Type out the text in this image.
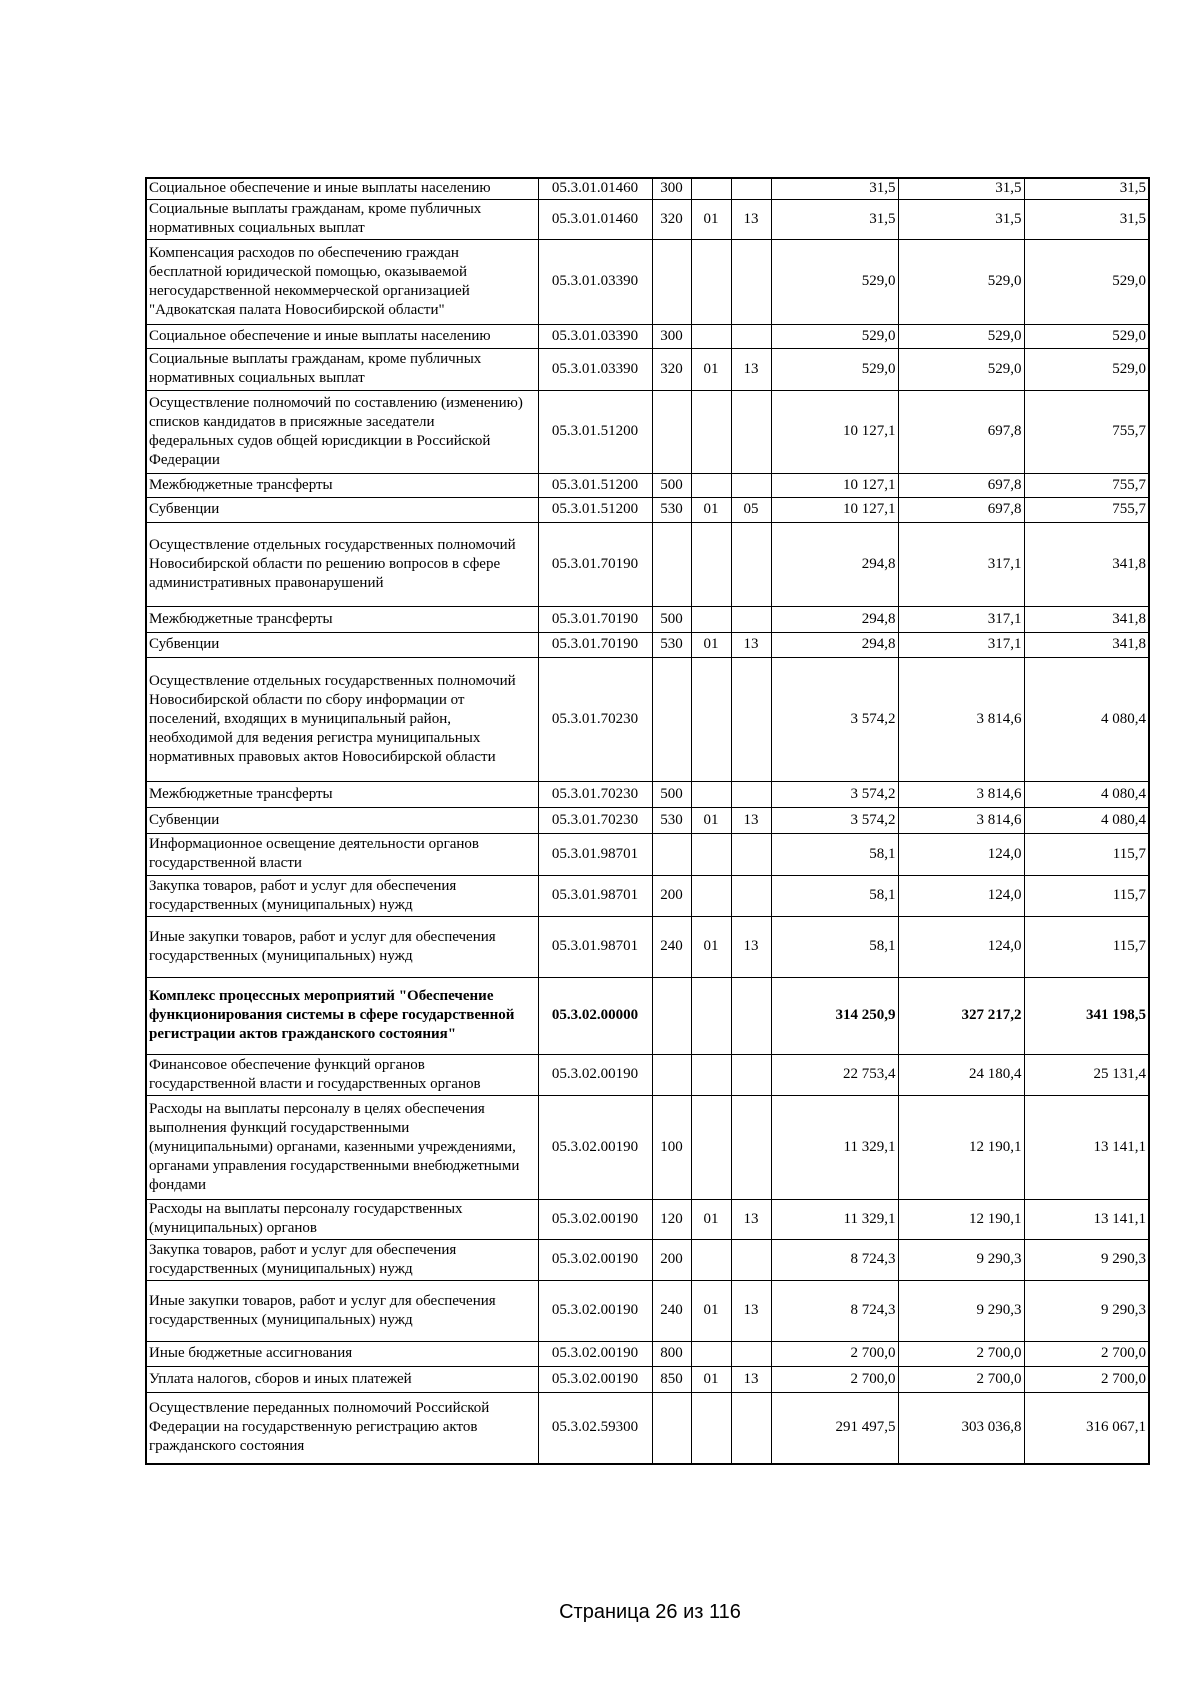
Социальное обеспечение и иные выплаты населению	05.3.01.01460	300			31,5	31,5	31,5
Социальные выплаты гражданам, кроме публичных
нормативных социальных выплат	05.3.01.01460	320	01	13	31,5	31,5	31,5
Компенсация расходов по обеспечению граждан
бесплатной юридической помощью, оказываемой
негосударственной некоммерческой организацией
"Адвокатская палата Новосибирской области"	05.3.01.03390				529,0	529,0	529,0
Социальное обеспечение и иные выплаты населению	05.3.01.03390	300			529,0	529,0	529,0
Социальные выплаты гражданам, кроме публичных
нормативных социальных выплат	05.3.01.03390	320	01	13	529,0	529,0	529,0
Осуществление полномочий по составлению (изменению)
списков кандидатов в присяжные заседатели
федеральных судов общей юрисдикции в Российской
Федерации	05.3.01.51200				10 127,1	697,8	755,7
Межбюджетные трансферты	05.3.01.51200	500			10 127,1	697,8	755,7
Субвенции	05.3.01.51200	530	01	05	10 127,1	697,8	755,7
Осуществление отдельных государственных полномочий
Новосибирской области по решению вопросов в сфере
административных правонарушений	05.3.01.70190				294,8	317,1	341,8
Межбюджетные трансферты	05.3.01.70190	500			294,8	317,1	341,8
Субвенции	05.3.01.70190	530	01	13	294,8	317,1	341,8
Осуществление отдельных государственных полномочий
Новосибирской области по сбору информации от
поселений, входящих в муниципальный район,
необходимой для ведения регистра муниципальных
нормативных правовых актов Новосибирской области	05.3.01.70230				3 574,2	3 814,6	4 080,4
Межбюджетные трансферты	05.3.01.70230	500			3 574,2	3 814,6	4 080,4
Субвенции	05.3.01.70230	530	01	13	3 574,2	3 814,6	4 080,4
Информационное освещение деятельности органов
государственной власти	05.3.01.98701				58,1	124,0	115,7
Закупка товаров, работ и услуг для обеспечения
государственных (муниципальных) нужд	05.3.01.98701	200			58,1	124,0	115,7
Иные закупки товаров, работ и услуг для обеспечения
государственных (муниципальных) нужд	05.3.01.98701	240	01	13	58,1	124,0	115,7
Комплекс процессных мероприятий "Обеспечение
функционирования системы в сфере государственной
регистрации актов гражданского состояния"	05.3.02.00000				314 250,9	327 217,2	341 198,5
Финансовое обеспечение функций органов
государственной власти и государственных органов	05.3.02.00190				22 753,4	24 180,4	25 131,4
Расходы на выплаты персоналу в целях обеспечения
выполнения функций государственными
(муниципальными) органами, казенными учреждениями,
органами управления государственными внебюджетными
фондами	05.3.02.00190	100			11 329,1	12 190,1	13 141,1
Расходы на выплаты персоналу государственных
(муниципальных) органов	05.3.02.00190	120	01	13	11 329,1	12 190,1	13 141,1
Закупка товаров, работ и услуг для обеспечения
государственных (муниципальных) нужд	05.3.02.00190	200			8 724,3	9 290,3	9 290,3
Иные закупки товаров, работ и услуг для обеспечения
государственных (муниципальных) нужд	05.3.02.00190	240	01	13	8 724,3	9 290,3	9 290,3
Иные бюджетные ассигнования	05.3.02.00190	800			2 700,0	2 700,0	2 700,0
Уплата налогов, сборов и иных платежей	05.3.02.00190	850	01	13	2 700,0	2 700,0	2 700,0
Осуществление переданных полномочий Российской
Федерации на государственную регистрацию актов
гражданского состояния	05.3.02.59300				291 497,5	303 036,8	316 067,1
Страница 26 из 116
